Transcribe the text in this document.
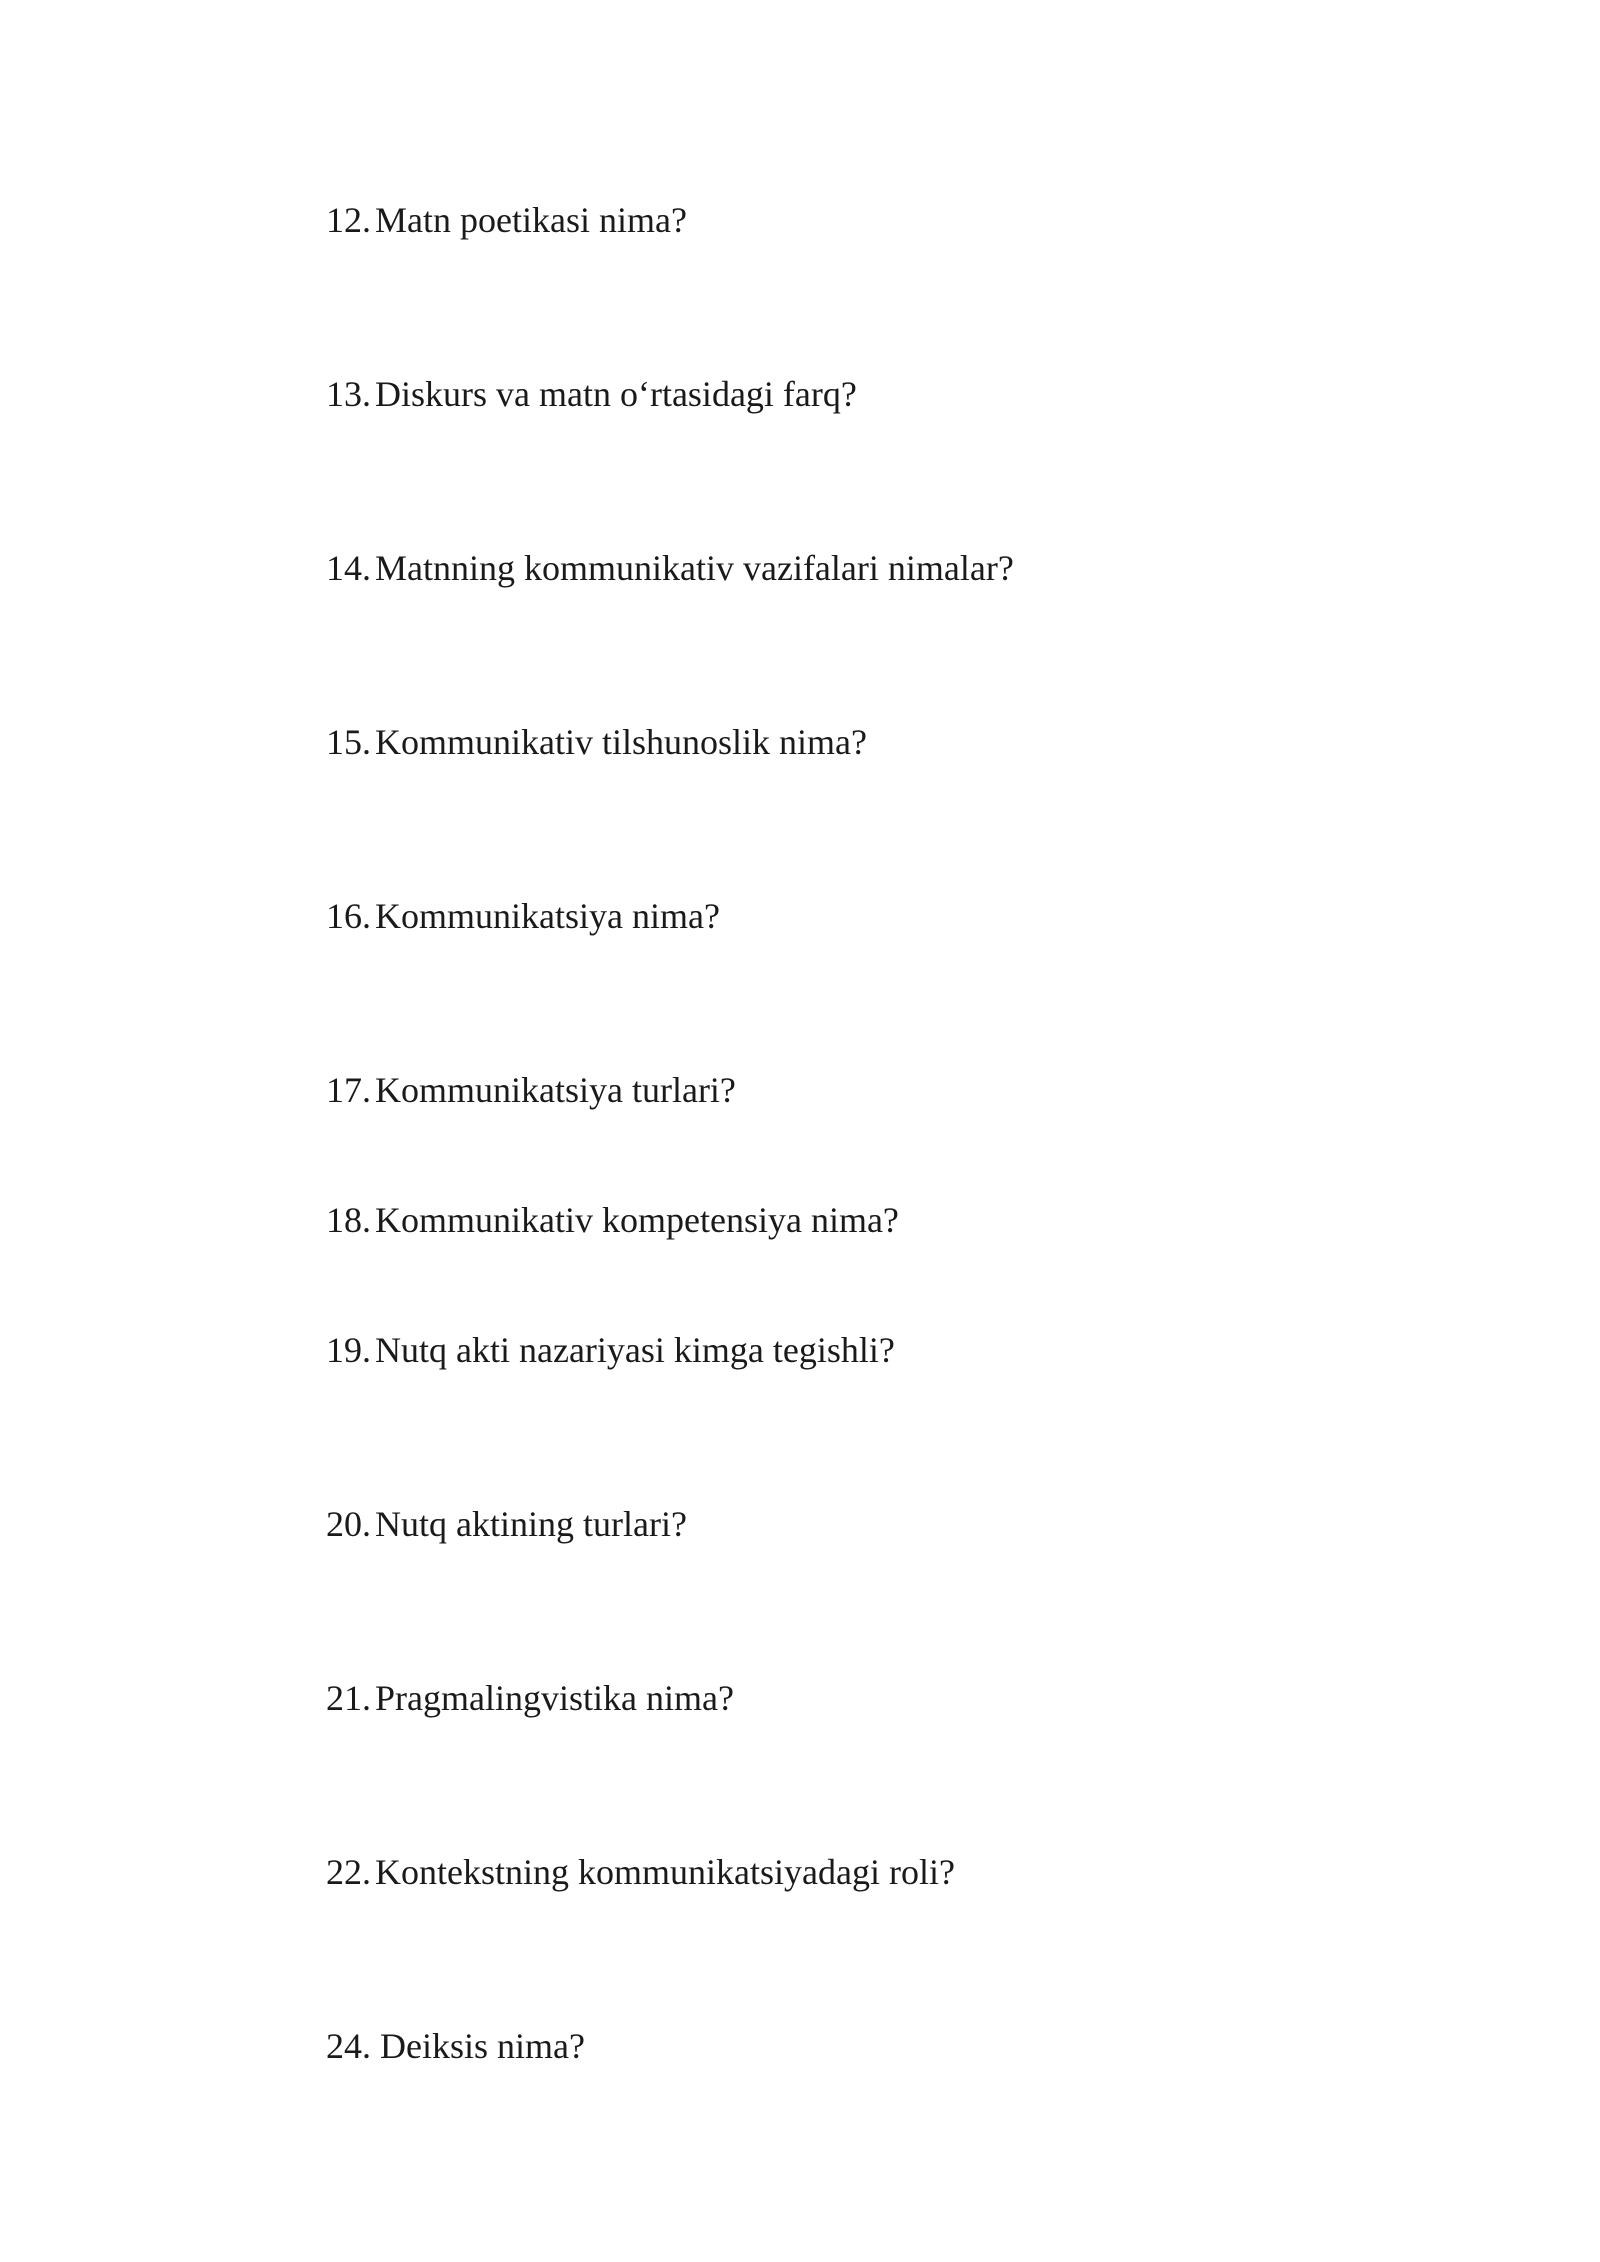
12. Matn poetikasi nima?
13. Diskurs va matn o‘rtasidagi farq?
14. Matnning kommunikativ vazifalari nimalar?
15. Kommunikativ tilshunoslik nima?
16. Kommunikatsiya nima?
17. Kommunikatsiya turlari?
18. Kommunikativ kompetensiya nima?
19. Nutq akti nazariyasi kimga tegishli?
20. Nutq aktining turlari?
21. Pragmalingvistika nima?
22. Kontekstning kommunikatsiyadagi roli?
24. Deiksis nima?
